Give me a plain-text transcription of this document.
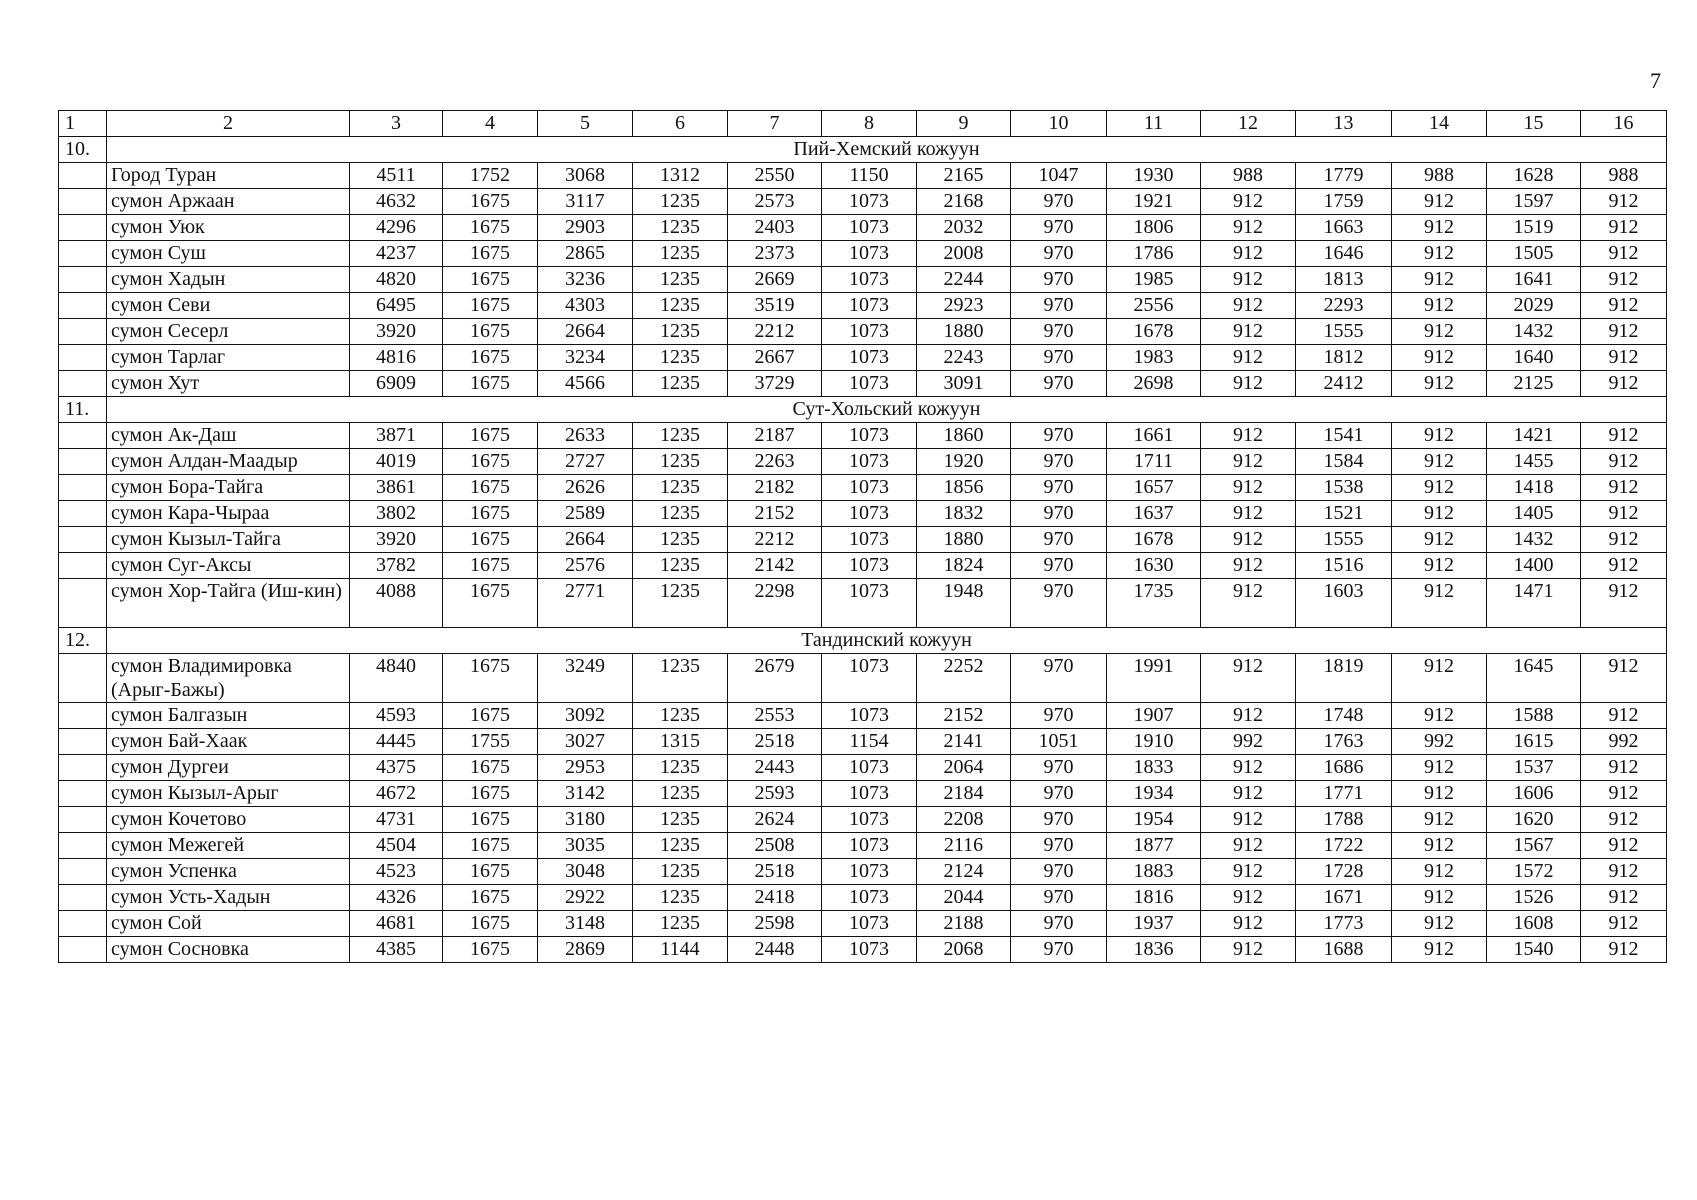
7
1	2	3	4	5	6	7	8	9	10	11	12	13	14	15	16
10.	Пий-Хемский кожуун														
	Город Туран	4511	1752	3068	1312	2550	1150	2165	1047	1930	988	1779	988	1628	988
	сумон Аржаан	4632	1675	3117	1235	2573	1073	2168	970	1921	912	1759	912	1597	912
	сумон Уюк	4296	1675	2903	1235	2403	1073	2032	970	1806	912	1663	912	1519	912
	сумон Суш	4237	1675	2865	1235	2373	1073	2008	970	1786	912	1646	912	1505	912
	сумон Хадын	4820	1675	3236	1235	2669	1073	2244	970	1985	912	1813	912	1641	912
	сумон Севи	6495	1675	4303	1235	3519	1073	2923	970	2556	912	2293	912	2029	912
	сумон Сесерл	3920	1675	2664	1235	2212	1073	1880	970	1678	912	1555	912	1432	912
	сумон Тарлаг	4816	1675	3234	1235	2667	1073	2243	970	1983	912	1812	912	1640	912
	сумон Хут	6909	1675	4566	1235	3729	1073	3091	970	2698	912	2412	912	2125	912
11.	Сут-Хольский кожуун														
	сумон Ак-Даш	3871	1675	2633	1235	2187	1073	1860	970	1661	912	1541	912	1421	912
	сумон Алдан-Маадыр	4019	1675	2727	1235	2263	1073	1920	970	1711	912	1584	912	1455	912
	сумон Бора-Тайга	3861	1675	2626	1235	2182	1073	1856	970	1657	912	1538	912	1418	912
	сумон Кара-Чыраа	3802	1675	2589	1235	2152	1073	1832	970	1637	912	1521	912	1405	912
	сумон Кызыл-Тайга	3920	1675	2664	1235	2212	1073	1880	970	1678	912	1555	912	1432	912
	сумон Суг-Аксы	3782	1675	2576	1235	2142	1073	1824	970	1630	912	1516	912	1400	912
	сумон Хор-Тайга (Иш-кин)	4088	1675	2771	1235	2298	1073	1948	970	1735	912	1603	912	1471	912
12.	Тандинский кожуун														
	сумон Владимировка (Арыг-Бажы)	4840	1675	3249	1235	2679	1073	2252	970	1991	912	1819	912	1645	912
	сумон Балгазын	4593	1675	3092	1235	2553	1073	2152	970	1907	912	1748	912	1588	912
	сумон Бай-Хаак	4445	1755	3027	1315	2518	1154	2141	1051	1910	992	1763	992	1615	992
	сумон Дургеи	4375	1675	2953	1235	2443	1073	2064	970	1833	912	1686	912	1537	912
	сумон Кызыл-Арыг	4672	1675	3142	1235	2593	1073	2184	970	1934	912	1771	912	1606	912
	сумон Кочетово	4731	1675	3180	1235	2624	1073	2208	970	1954	912	1788	912	1620	912
	сумон Межегей	4504	1675	3035	1235	2508	1073	2116	970	1877	912	1722	912	1567	912
	сумон Успенка	4523	1675	3048	1235	2518	1073	2124	970	1883	912	1728	912	1572	912
	сумон Усть-Хадын	4326	1675	2922	1235	2418	1073	2044	970	1816	912	1671	912	1526	912
	сумон Сой	4681	1675	3148	1235	2598	1073	2188	970	1937	912	1773	912	1608	912
	сумон Сосновка	4385	1675	2869	1144	2448	1073	2068	970	1836	912	1688	912	1540	912
